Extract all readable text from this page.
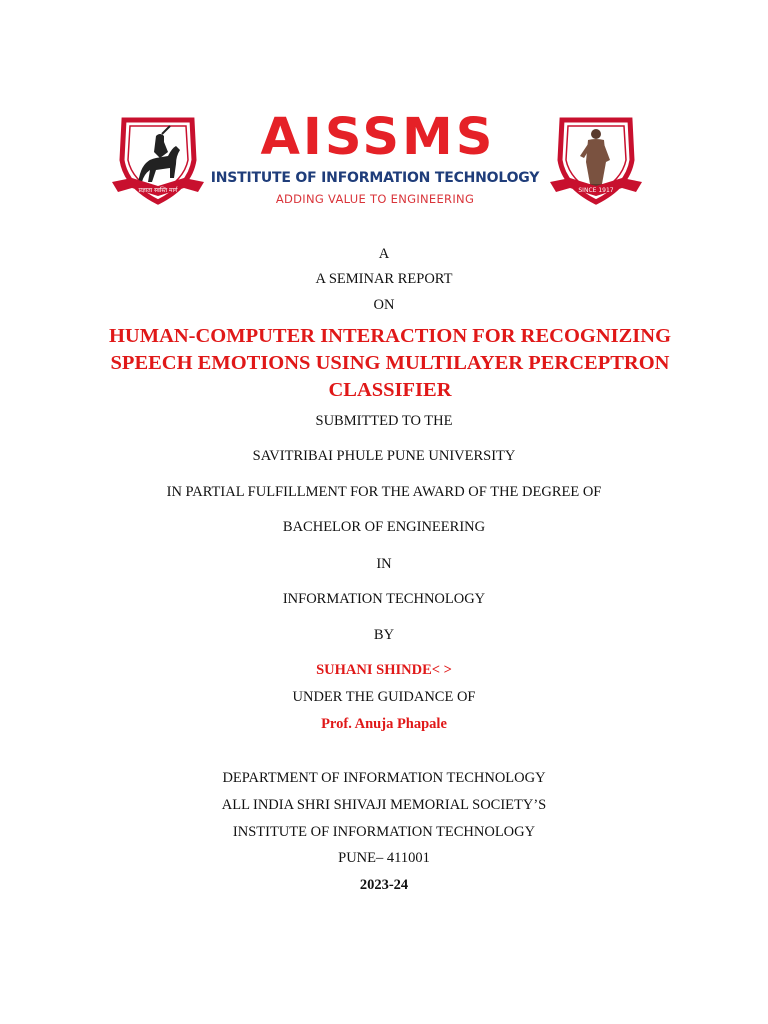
प्रज्ञाता स्वस्ति मार्ग
AISSMS
INSTITUTE OF INFORMATION TECHNOLOGY
ADDING VALUE TO ENGINEERING
SINCE 1917
A
A SEMINAR REPORT
ON
HUMAN-COMPUTER INTERACTION FOR RECOGNIZING
SPEECH EMOTIONS USING MULTILAYER PERCEPTRON
CLASSIFIER
SUBMITTED TO THE
SAVITRIBAI PHULE PUNE UNIVERSITY
IN PARTIAL FULFILLMENT FOR THE AWARD OF THE DEGREE OF
BACHELOR OF ENGINEERING
IN
INFORMATION TECHNOLOGY
BY
SUHANI SHINDE< >
UNDER THE GUIDANCE OF
Prof. Anuja Phapale
DEPARTMENT OF INFORMATION TECHNOLOGY
ALL INDIA SHRI SHIVAJI MEMORIAL SOCIETY’S
INSTITUTE OF INFORMATION TECHNOLOGY
PUNE– 411001
2023-24
